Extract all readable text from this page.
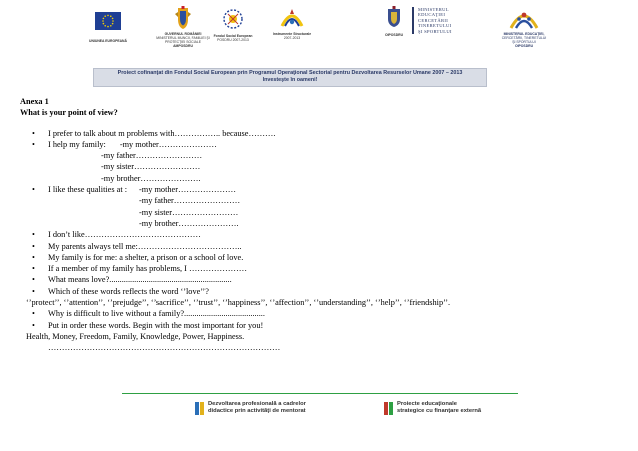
UNIUNEA EUROPEANĂ
GUVERNUL ROMÂNIEI
MINISTERUL MUNCII, FAMILIEI ŞI
PROTECŢIEI SOCIALE
AMPOSDRU
Fondul Social European
POSDRU 2007-2013
Instrumente Structurale
2007-2013
OIPOSDRU
MINISTERUL
EDUCAŢIEI
CERCETĂRII
TINERETULUI
ŞI SPORTULUI
MINISTERUL EDUCAŢIEI,
CERCETĂRII, TINERETULUI
ŞI SPORTULUI
OIPOSDRU
Proiect cofinanţat din Fondul Social European prin Programul Operaţional Sectorial pentru Dezvoltarea Resurselor Umane 2007 – 2013
Investeşte în oameni!
Anexa 1
What is your point of view?
• I prefer to talk about m problems with…………….. because……….
• I help my family: -my mother…………………
-my father……………………
-my sister……………………
-my brother………………….
• I like these qualities at : -my mother…………………
-my father……………………
-my sister……………………
-my brother………………….
• I don’t like……………………………………
• My parents always tell me:………………………………..
• My family is for me: a shelter, a prison or a school of love.
• If a member of my family has problems, I …………………
• What means love?...........................................................
• Which of these words reflects the word ‘’love’’?
‘’protect’’, ‘’attention’’, ‘’prejudge’’, ‘’sacrifice’’, ‘’trust’’, ‘’happiness’’, ‘’affection’’, ‘’understanding’’, ‘’help’’, ‘’friendship’’.
• Why is difficult to live without a family?.......................................
• Put in order these words. Begin with the most important for you!
Health, Money, Freedom, Family, Knowledge, Power, Happiness.
…………………………………………………………………………
Dezvoltarea profesională a cadrelor
didactice prin activităţi de mentorat
Proiecte educaţionale
strategice cu finanţare externă
